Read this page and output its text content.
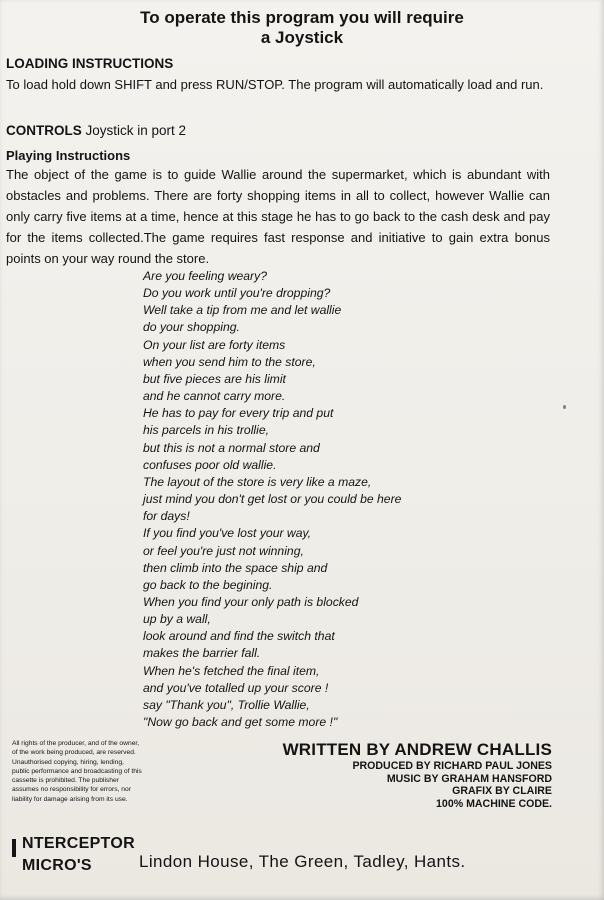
To operate this program you will require
a Joystick
LOADING INSTRUCTIONS
To load hold down SHIFT and press RUN/STOP. The program will automatically load and run.
CONTROLS Joystick in port 2
Playing Instructions
The object of the game is to guide Wallie around the supermarket, which is abundant with obstacles and problems. There are forty shopping items in all to collect, however Wallie can only carry five items at a time, hence at this stage he has to go back to the cash desk and pay for the items collected.The game requires fast response and initiative to gain extra bonus points on your way round the store.
Are you feeling weary?
Do you work until you're dropping?
Well take a tip from me and let wallie
do your shopping.
On your list are forty items
when you send him to the store,
but five pieces are his limit
and he cannot carry more.
He has to pay for every trip and put
his parcels in his trollie,
but this is not a normal store and
confuses poor old wallie.
The layout of the store is very like a maze,
just mind you don't get lost or you could be here
for days!
If you find you've lost your way,
or feel you're just not winning,
then climb into the space ship and
go back to the begining.
When you find your only path is blocked
up by a wall,
look around and find the switch that
makes the barrier fall.
When he's fetched the final item,
and you've totalled up your score !
say "Thank you", Trollie Wallie,
"Now go back and get some more !"
All rights of the producer, and of the owner,
of the work being produced, are reserved.
Unauthorised copying, hiring, lending,
public performance and broadcasting of this
cassette is prohibited. The publisher
assumes no responsibility for errors, nor
liability for damage arising from its use.
WRITTEN BY ANDREW CHALLIS
PRODUCED BY RICHARD PAUL JONES
MUSIC BY GRAHAM HANSFORD
GRAFIX BY CLAIRE
100% MACHINE CODE.
NTERCEPTOR
MICRO'S	Lindon House, The Green, Tadley, Hants.
